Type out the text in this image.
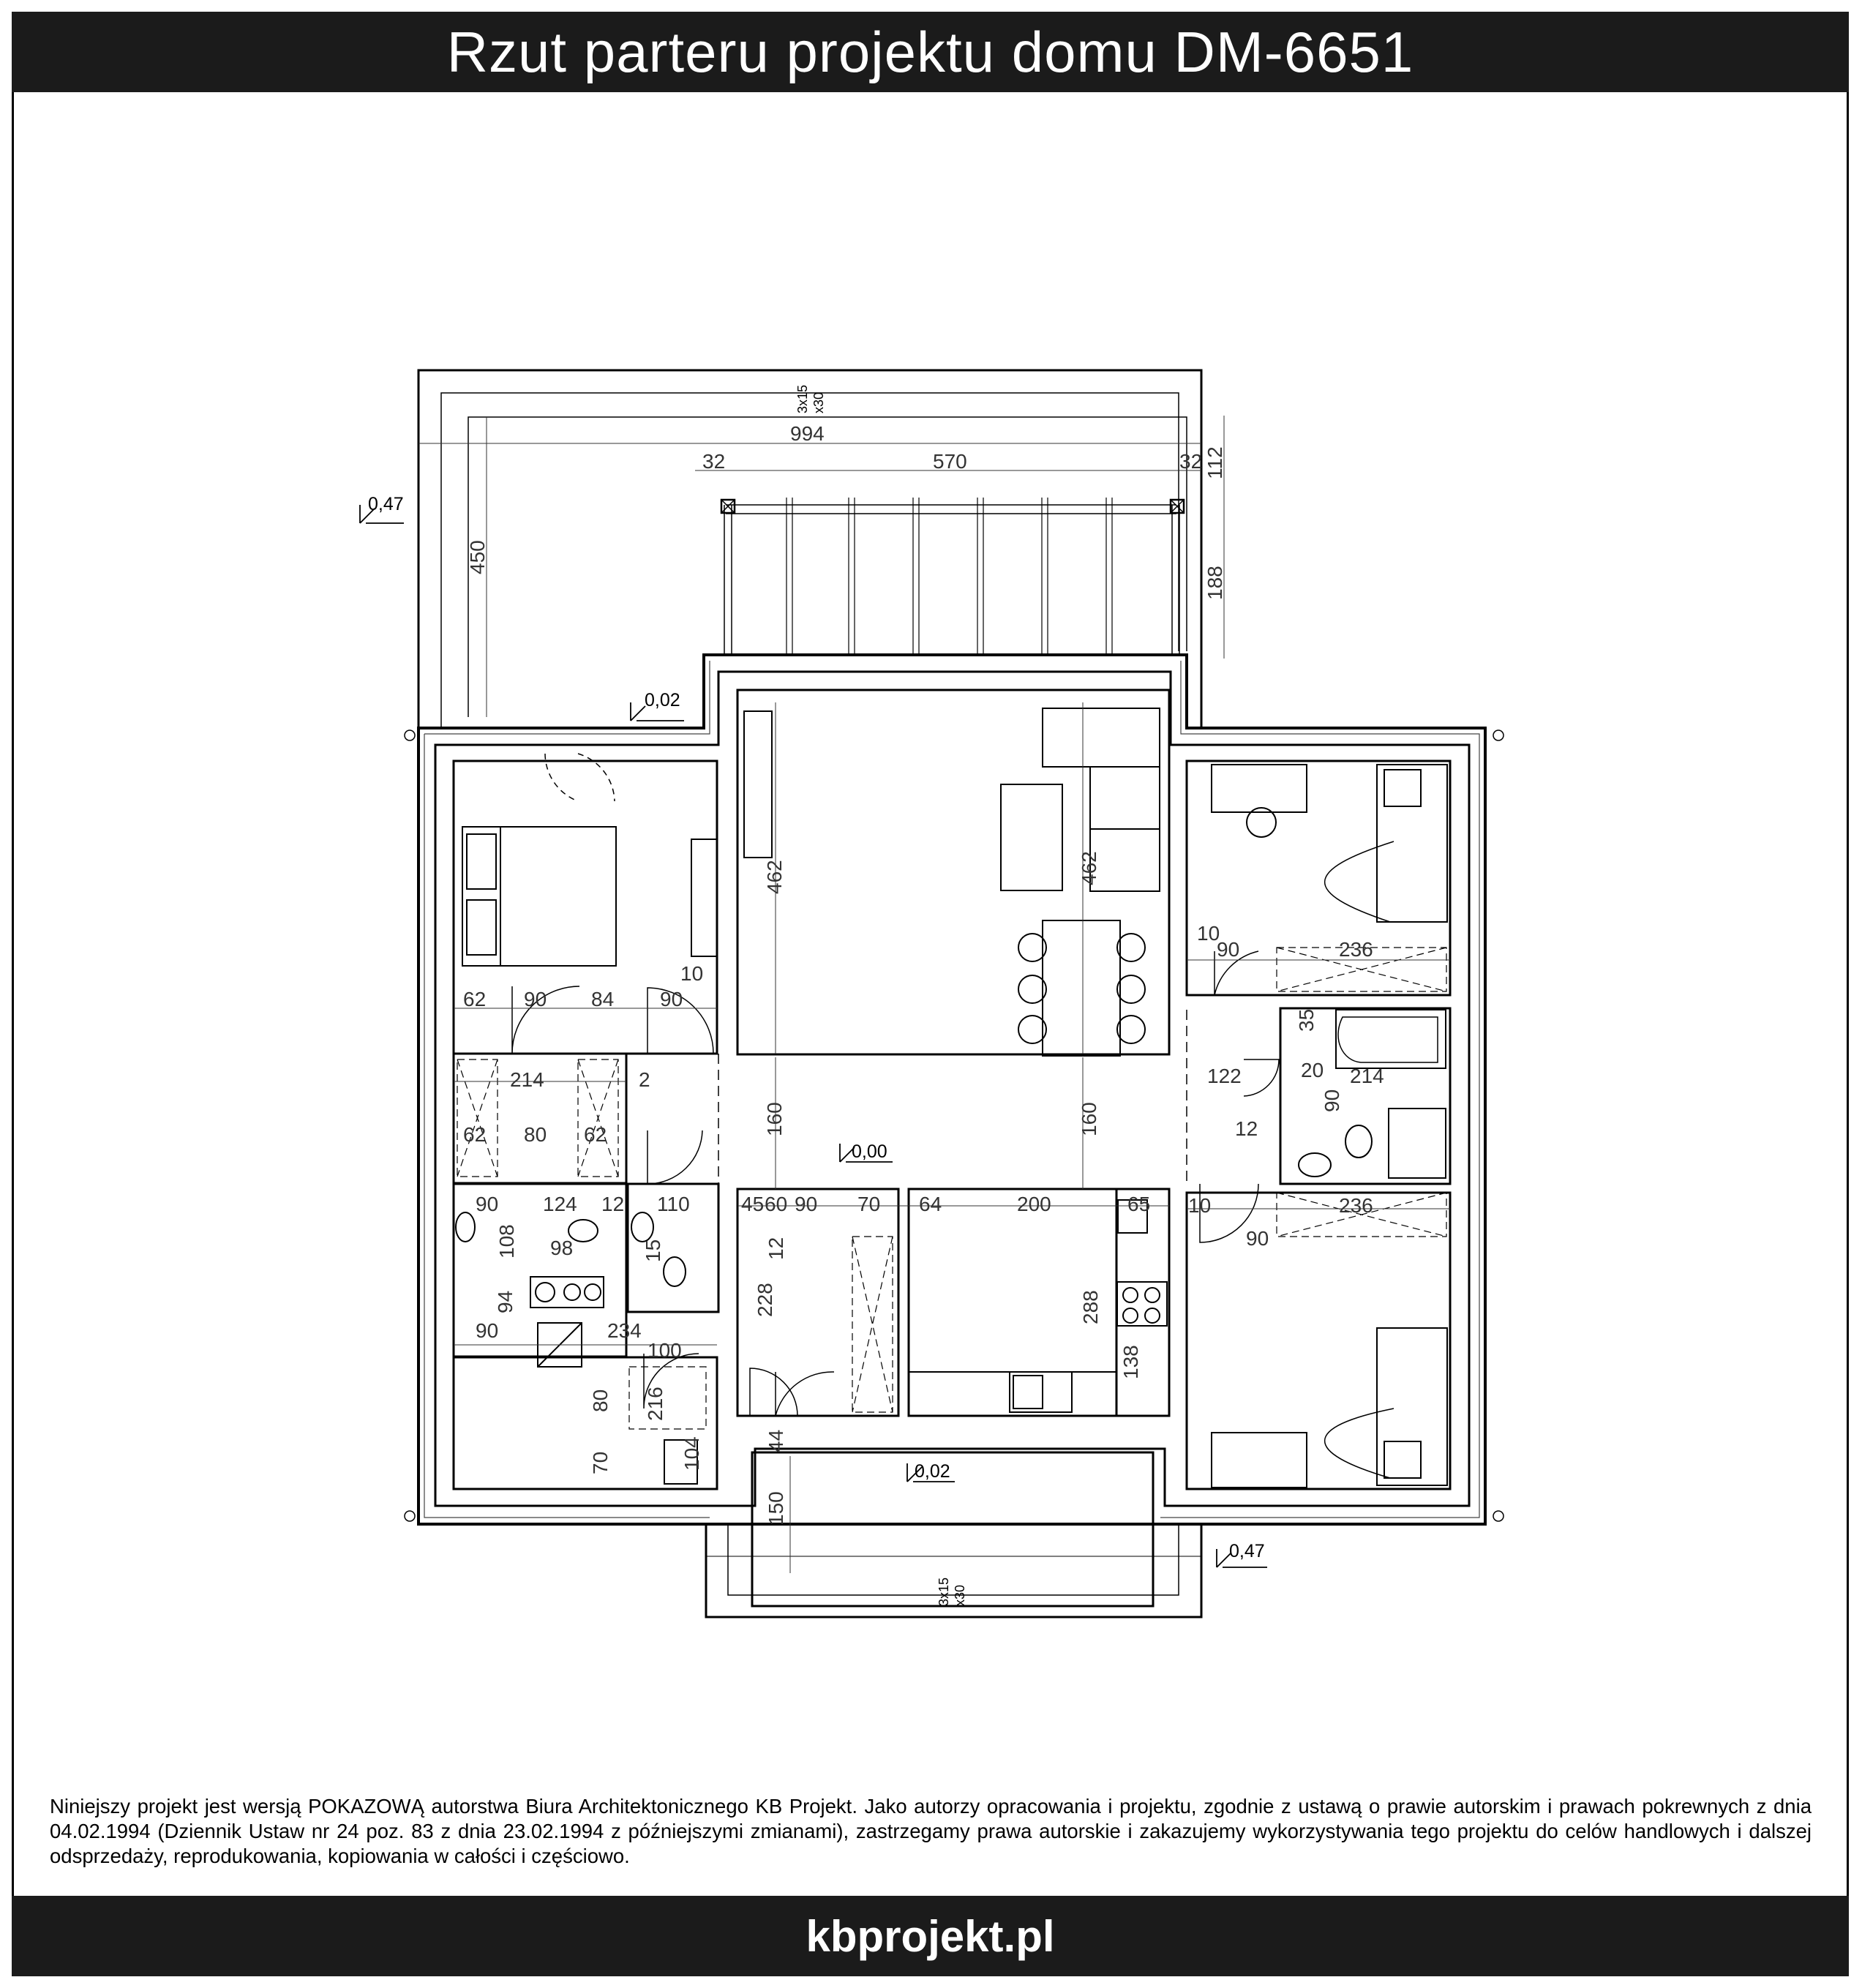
Rzut parteru projektu domu DM-6651
0,47
0,02
0,00
0,02
0,47
3x15 x30
3x15 x30
994
450
570
32	32 112
188
462	462
160	160
62 90 84 90
10
214
62 80 62
2
90 124 12 110
108 98	15
94
90	234
100
216
80
70	104
45 60 90 70
228
12
64	200
288
138
65
10
90	236
122	214
20
90
12
35
10
90
236
150
44
Niniejszy projekt jest wersją POKAZOWĄ autorstwa Biura Architektonicznego KB Projekt. Jako autorzy opracowania i projektu, zgodnie z ustawą o prawie autorskim i prawach pokrewnych z dnia 04.02.1994 (Dziennik Ustaw nr 24 poz. 83 z dnia 23.02.1994 z późniejszymi zmianami), zastrzegamy prawa autorskie i zakazujemy wykorzystywania tego projektu do celów handlowych i dalszej odsprzedaży, reprodukowania, kopiowania w całości i częściowo.
kbprojekt.pl
